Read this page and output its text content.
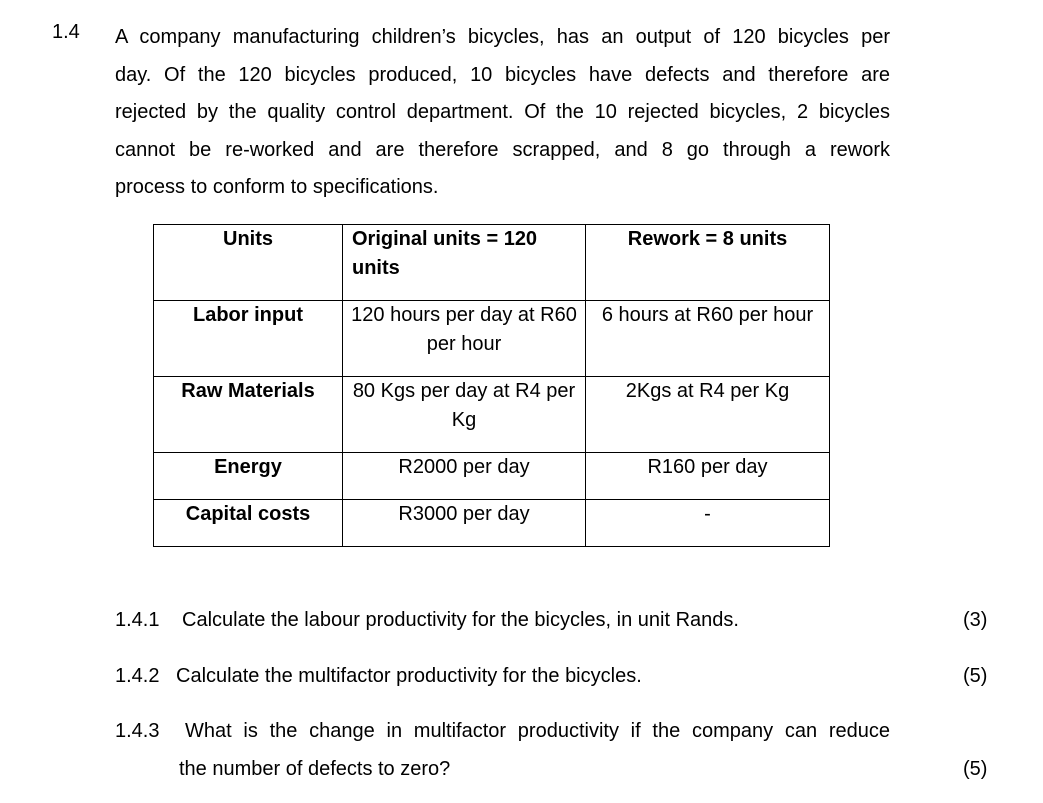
1.4 A company manufacturing children’s bicycles, has an output of 120 bicycles per
day. Of the 120 bicycles produced, 10 bicycles have defects and therefore are
rejected by the quality control department. Of the 10 rejected bicycles, 2 bicycles
cannot be re-worked and are therefore scrapped, and 8 go through a rework
process to conform to specifications.
Units	Original units = 120 units	Rework = 8 units
Labor input	120 hours per day at R60 per hour	6 hours at R60 per hour
Raw Materials	80 Kgs per day at R4 per Kg	2Kgs at R4 per Kg
Energy	R2000 per day	R160 per day
Capital costs	R3000 per day	-
1.4.1 Calculate the labour productivity for the bicycles, in unit Rands.	(3)
1.4.2 Calculate the multifactor productivity for the bicycles.	(5)
1.4.3 What is the change in multifactor productivity if the company can reduce
the number of defects to zero?	(5)
